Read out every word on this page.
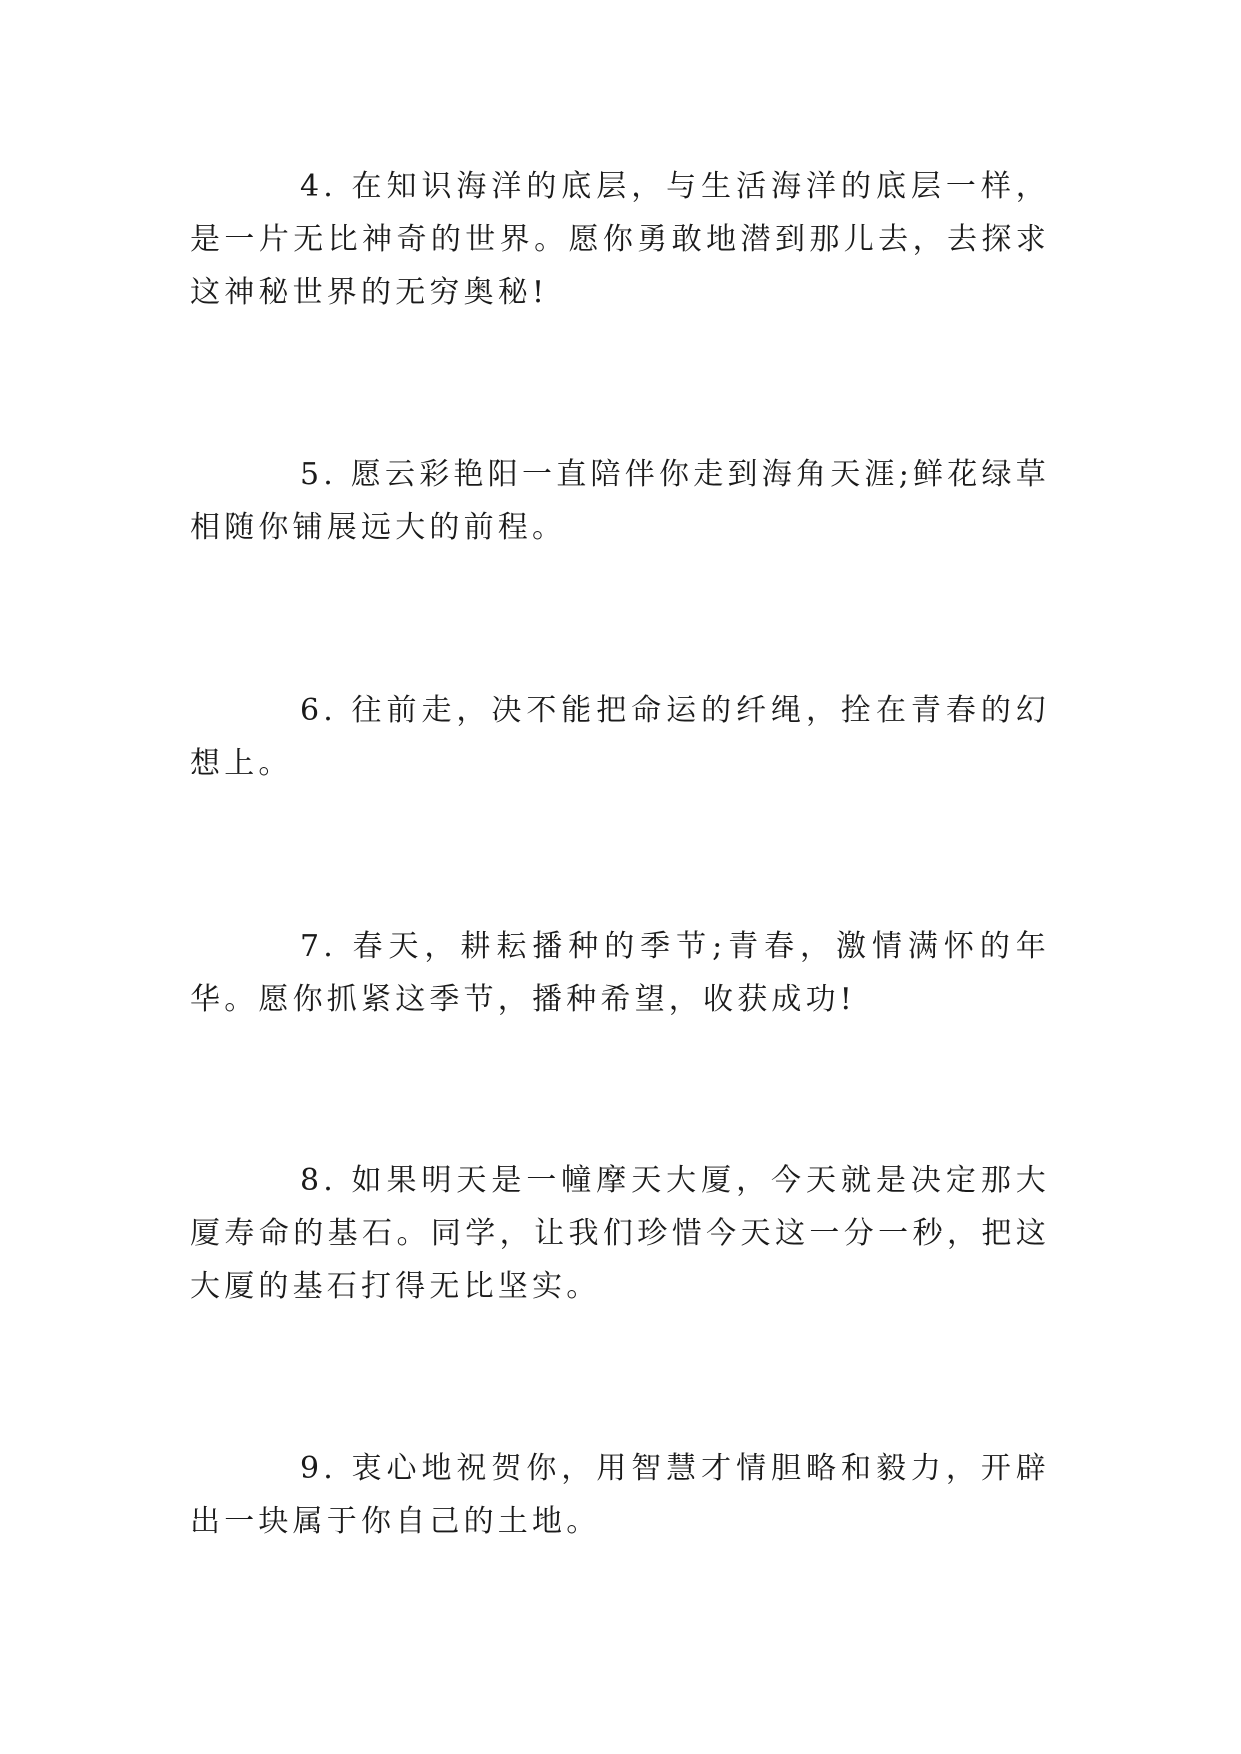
4. 在知识海洋的底层，与生活海洋的底层一样，是一片无比神奇的世界。愿你勇敢地潜到那儿去，去探求这神秘世界的无穷奥秘!

5. 愿云彩艳阳一直陪伴你走到海角天涯;鲜花绿草相随你铺展远大的前程。

6. 往前走，决不能把命运的纤绳，拴在青春的幻想上。

7. 春天，耕耘播种的季节;青春，激情满怀的年华。愿你抓紧这季节，播种希望，收获成功!

8. 如果明天是一幢摩天大厦，今天就是决定那大厦寿命的基石。同学，让我们珍惜今天这一分一秒，把这大厦的基石打得无比坚实。

9. 衷心地祝贺你，用智慧才情胆略和毅力，开辟出一块属于你自己的土地。
